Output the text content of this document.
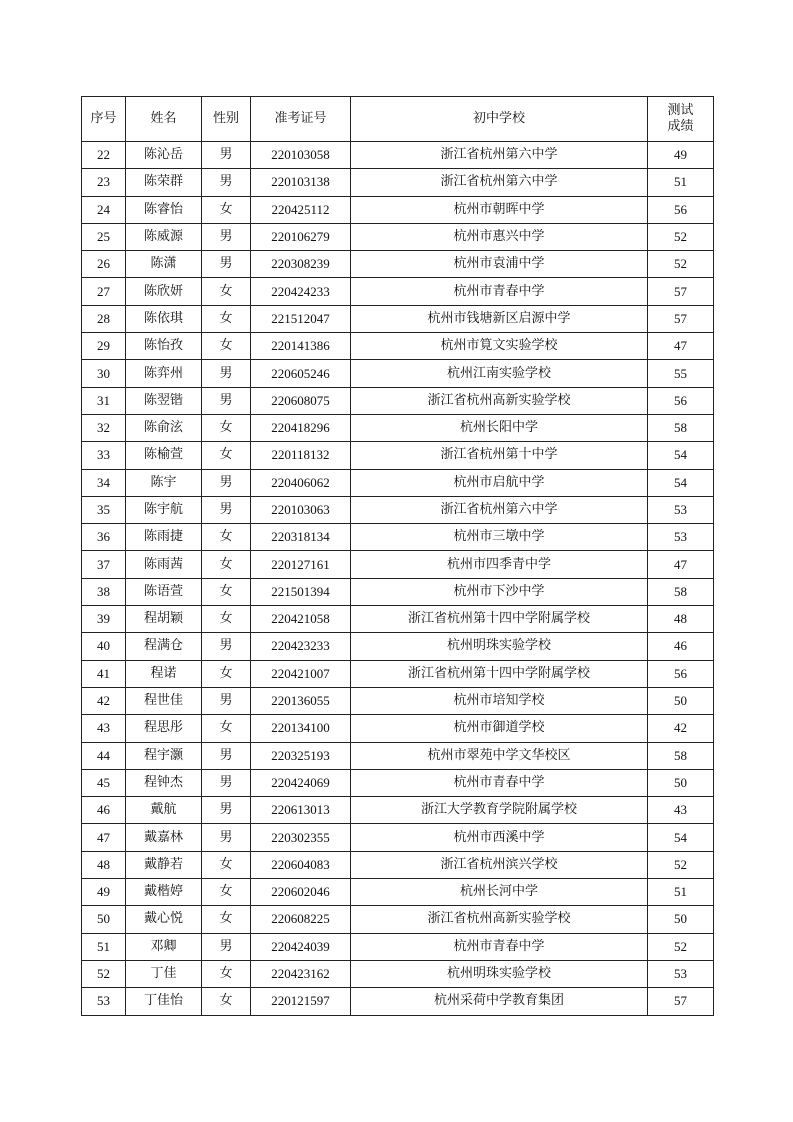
序号	姓名	性别	准考证号	初中学校	测试成绩
22	陈沁岳	男	220103058	浙江省杭州第六中学	49
23	陈荣群	男	220103138	浙江省杭州第六中学	51
24	陈睿怡	女	220425112	杭州市朝晖中学	56
25	陈威源	男	220106279	杭州市惠兴中学	52
26	陈潇	男	220308239	杭州市袁浦中学	52
27	陈欣妍	女	220424233	杭州市青春中学	57
28	陈依琪	女	221512047	杭州市钱塘新区启源中学	57
29	陈怡孜	女	220141386	杭州市筧文实验学校	47
30	陈弈州	男	220605246	杭州江南实验学校	55
31	陈翌锴	男	220608075	浙江省杭州高新实验学校	56
32	陈俞泫	女	220418296	杭州长阳中学	58
33	陈榆萱	女	220118132	浙江省杭州第十中学	54
34	陈宇	男	220406062	杭州市启航中学	54
35	陈宇航	男	220103063	浙江省杭州第六中学	53
36	陈雨捷	女	220318134	杭州市三墩中学	53
37	陈雨茜	女	220127161	杭州市四季青中学	47
38	陈语萱	女	221501394	杭州市下沙中学	58
39	程胡颖	女	220421058	浙江省杭州第十四中学附属学校	48
40	程满仓	男	220423233	杭州明珠实验学校	46
41	程诺	女	220421007	浙江省杭州第十四中学附属学校	56
42	程世佳	男	220136055	杭州市培知学校	50
43	程思彤	女	220134100	杭州市御道学校	42
44	程宇灏	男	220325193	杭州市翠苑中学文华校区	58
45	程钟杰	男	220424069	杭州市青春中学	50
46	戴航	男	220613013	浙江大学教育学院附属学校	43
47	戴嘉林	男	220302355	杭州市西溪中学	54
48	戴静若	女	220604083	浙江省杭州滨兴学校	52
49	戴楷婷	女	220602046	杭州长河中学	51
50	戴心悦	女	220608225	浙江省杭州高新实验学校	50
51	邓卿	男	220424039	杭州市青春中学	52
52	丁佳	女	220423162	杭州明珠实验学校	53
53	丁佳怡	女	220121597	杭州采荷中学教育集团	57
